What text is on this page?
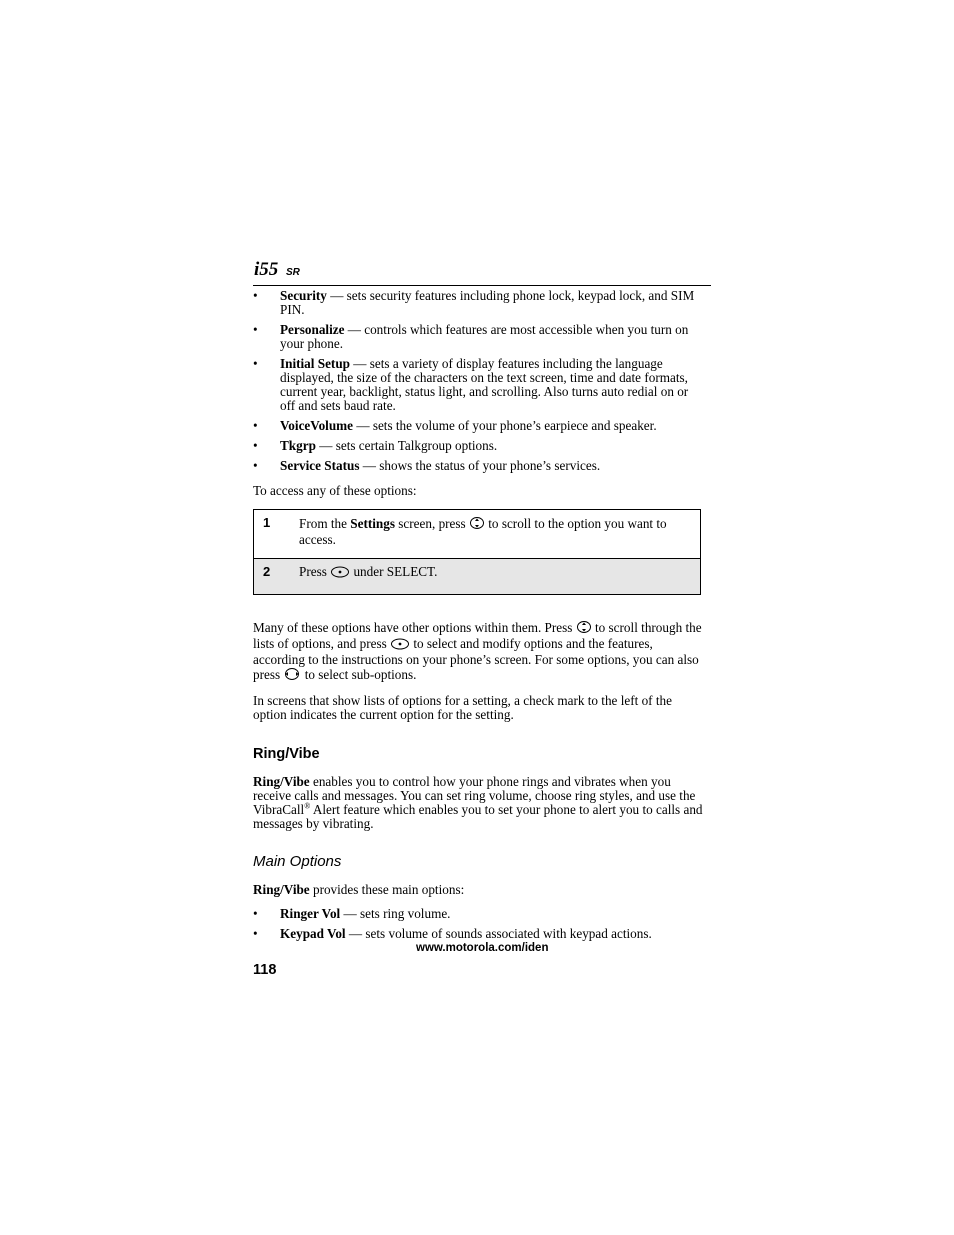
i55 SR
• Security — sets security features including phone lock, keypad lock, and SIM PIN.
• Personalize — controls which features are most accessible when you turn on your phone.
• Initial Setup — sets a variety of display features including the language displayed, the size of the characters on the text screen, time and date formats, current year, backlight, status light, and scrolling. Also turns auto redial on or off and sets baud rate.
• VoiceVolume — sets the volume of your phone’s earpiece and speaker.
• Tkgrp — sets certain Talkgroup options.
• Service Status — shows the status of your phone’s services.

To access any of these options:

1	From the Settings screen, press  to scroll to the option you want to access.
2	Press  under SELECT.

Many of these options have other options within them. Press  to scroll through the lists of options, and press  to select and modify options and the features, according to the instructions on your phone’s screen. For some options, you can also press  to select sub-options.

In screens that show lists of options for a setting, a check mark to the left of the option indicates the current option for the setting.

Ring/Vibe

Ring/Vibe enables you to control how your phone rings and vibrates when you receive calls and messages. You can set ring volume, choose ring styles, and use the VibraCall® Alert feature which enables you to set your phone to alert you to calls and messages by vibrating.

Main Options

Ring/Vibe provides these main options:

• Ringer Vol — sets ring volume.
• Keypad Vol — sets volume of sounds associated with keypad actions.
www.motorola.com/iden
118
